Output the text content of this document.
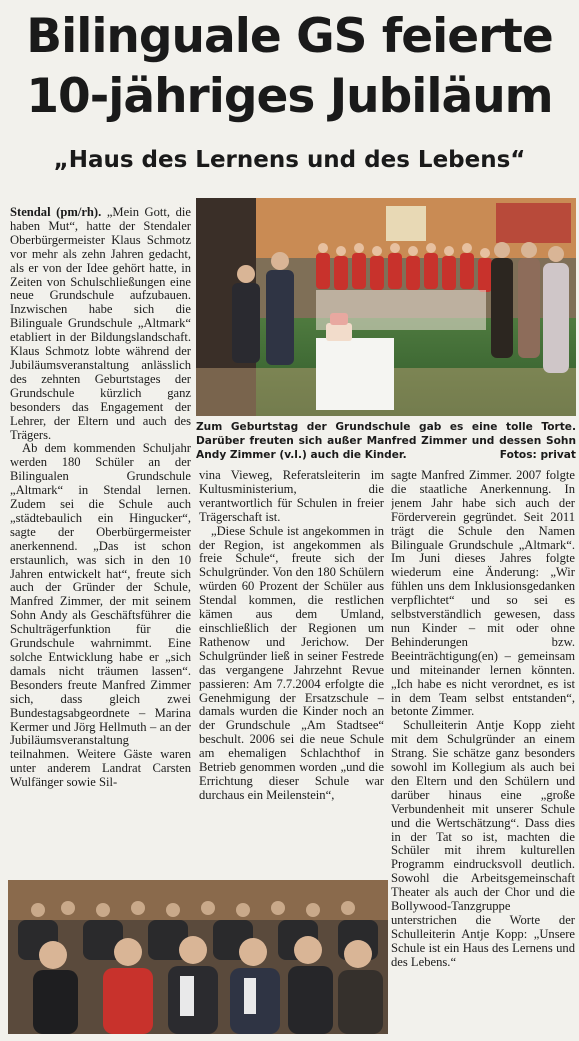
Bilinguale GS feierte
10-jähriges Jubiläum
„Haus des Lernens und des Lebens“

Stendal (pm/rh). „Mein Gott, die haben Mut“, hatte der Stendaler Oberbürgermeister Klaus Schmotz vor mehr als zehn Jahren gedacht, als er von der Idee gehört hatte, in Zeiten von Schulschließungen eine neue Grundschule aufzubauen. Inzwischen habe sich die Bilinguale Grundschule „Altmark“ etabliert in der Bildungslandschaft. Klaus Schmotz lobte während der Jubiläumsveranstaltung anlässlich des zehnten Geburtstages der Grundschule kürzlich ganz besonders das Engagement der Lehrer, der Eltern und auch des Trägers.

Ab dem kommenden Schuljahr werden 180 Schüler an der Bilingualen Grundschule „Altmark“ in Stendal lernen. Zudem sei die Schule auch „städtebaulich ein Hingucker“, sagte der Oberbürgermeister anerkennend. „Das ist schon erstaunlich, was sich in den 10 Jahren entwickelt hat“, freute sich auch der Gründer der Schule, Manfred Zimmer, der mit seinem Sohn Andy als Geschäftsführer die Schulträgerfunktion für die Grundschule wahrnimmt. Eine solche Entwicklung habe er „sich damals nicht träumen lassen“. Besonders freute Manfred Zimmer sich, dass gleich zwei Bundestagsabgeordnete – Marina Kermer und Jörg Hellmuth – an der Jubiläumsveranstaltung teilnahmen. Weitere Gäste waren unter anderem Landrat Carsten Wulfänger sowie Sil-

vina Vieweg, Referatsleiterin im Kultusministerium, die verantwortlich für Schulen in freier Trägerschaft ist.

„Diese Schule ist angekommen in der Region, ist angekommen als freie Schule“, freute sich der Schulgründer. Von den 180 Schülern würden 60 Prozent der Schüler aus Stendal kommen, die restlichen kämen aus dem Umland, einschließlich der Regionen um Rathenow und Jerichow. Der Schulgründer ließ in seiner Festrede das vergangene Jahrzehnt Revue passieren: Am 7.7.2004 erfolgte die Genehmigung der Ersatzschule – damals wurden die Kinder noch an der Grundschule „Am Stadtsee“ beschult. 2006 sei die neue Schule am ehemaligen Schlachthof in Betrieb genommen worden „und die Errichtung dieser Schule war durchaus ein Meilenstein“,

sagte Manfred Zimmer. 2007 folgte die staatliche Anerkennung. In jenem Jahr habe sich auch der Förderverein gegründet. Seit 2011 trägt die Schule den Namen Bilinguale Grundschule „Altmark“. Im Juni dieses Jahres folgte wiederum eine Änderung: „Wir fühlen uns dem Inklusionsgedanken verpflichtet“ und so sei es selbstverständlich gewesen, dass nun Kinder – mit oder ohne Behinderungen bzw. Beeinträchtigung(en) – gemeinsam und miteinander lernen könnten. „Ich habe es nicht verordnet, es ist in dem Team selbst entstanden“, betonte Zimmer.

Schulleiterin Antje Kopp zieht mit dem Schulgründer an einem Strang. Sie schätze ganz besonders sowohl im Kollegium als auch bei den Eltern und den Schülern und darüber hinaus eine „große Verbundenheit mit unserer Schule und die Wertschätzung“. Dass dies in der Tat so ist, machten die Schüler mit ihrem kulturellen Programm eindrucksvoll deutlich. Sowohl die Arbeitsgemeinschaft Theater als auch der Chor und die Bollywood-Tanzgruppe unterstrichen die Worte der Schulleiterin Antje Kopp: „Unsere Schule ist ein Haus des Lernens und des Lebens.“

Zum Geburtstag der Grundschule gab es eine tolle Torte. Darüber freuten sich außer Manfred Zimmer und dessen Sohn Andy Zimmer (v.l.) auch die Kinder.	Fotos: privat
